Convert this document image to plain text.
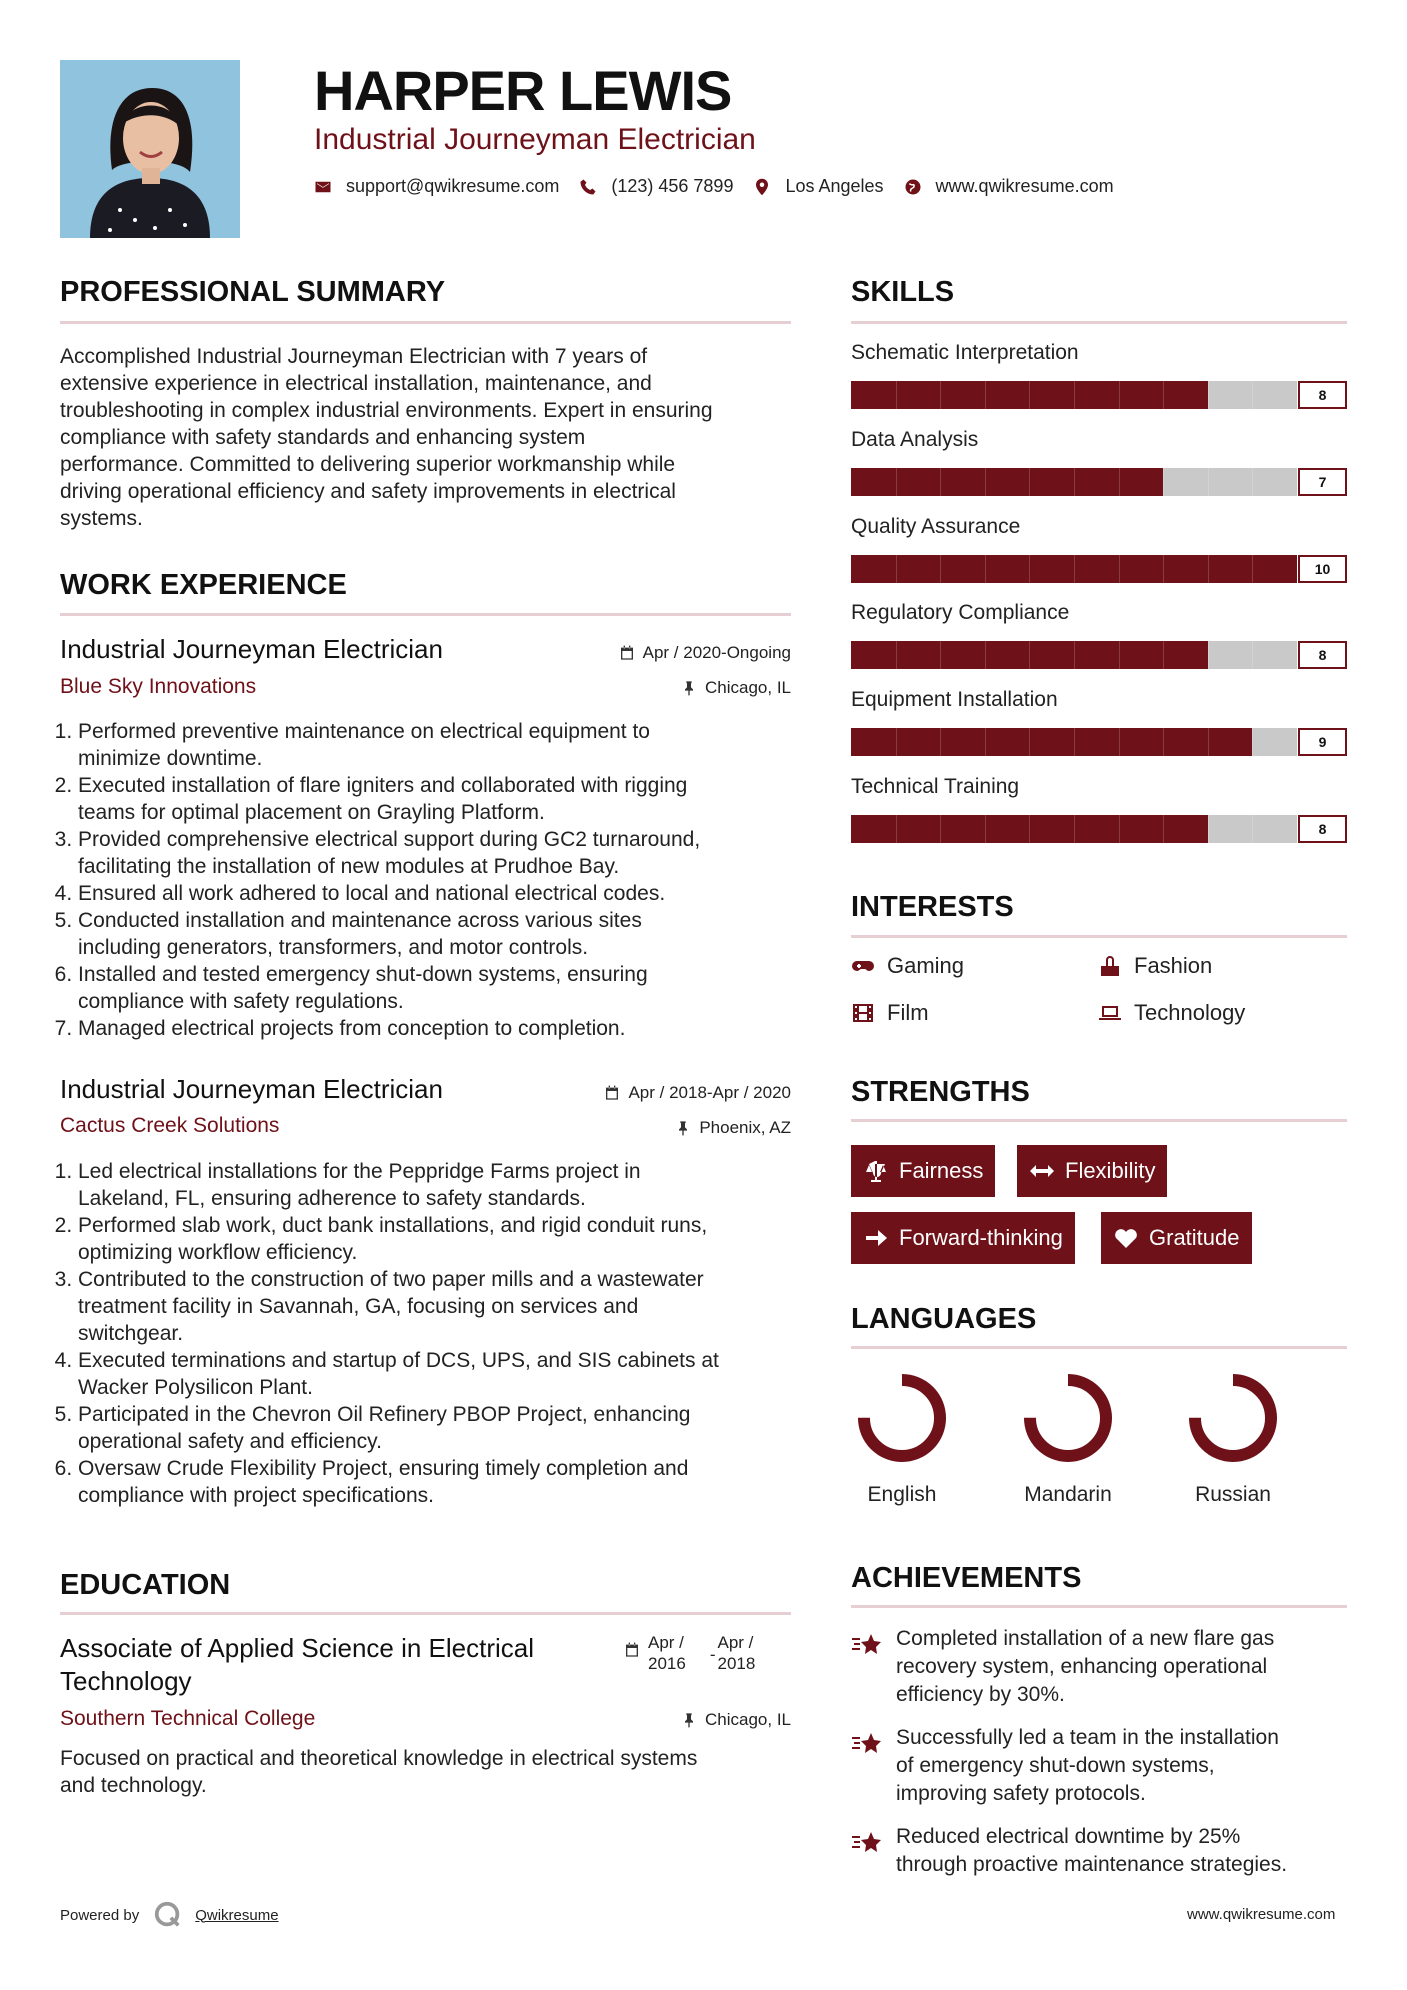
HARPER LEWIS
Industrial Journeyman Electrician
support@qwikresume.com	(123) 456 7899	Los Angeles	www.qwikresume.com
PROFESSIONAL SUMMARY
Accomplished Industrial Journeyman Electrician with 7 years of
extensive experience in electrical installation, maintenance, and
troubleshooting in complex industrial environments. Expert in ensuring
compliance with safety standards and enhancing system
performance. Committed to delivering superior workmanship while
driving operational efficiency and safety improvements in electrical
systems.
WORK EXPERIENCE
Industrial Journeyman Electrician	Apr / 2020-Ongoing
Blue Sky Innovations	Chicago, IL
1. Performed preventive maintenance on electrical equipment to
minimize downtime.
2. Executed installation of flare igniters and collaborated with rigging
teams for optimal placement on Grayling Platform.
3. Provided comprehensive electrical support during GC2 turnaround,
facilitating the installation of new modules at Prudhoe Bay.
4. Ensured all work adhered to local and national electrical codes.
5. Conducted installation and maintenance across various sites
including generators, transformers, and motor controls.
6. Installed and tested emergency shut-down systems, ensuring
compliance with safety regulations.
7. Managed electrical projects from conception to completion.
Industrial Journeyman Electrician	Apr / 2018-Apr / 2020
Cactus Creek Solutions	Phoenix, AZ
1. Led electrical installations for the Peppridge Farms project in
Lakeland, FL, ensuring adherence to safety standards.
2. Performed slab work, duct bank installations, and rigid conduit runs,
optimizing workflow efficiency.
3. Contributed to the construction of two paper mills and a wastewater
treatment facility in Savannah, GA, focusing on services and
switchgear.
4. Executed terminations and startup of DCS, UPS, and SIS cabinets at
Wacker Polysilicon Plant.
5. Participated in the Chevron Oil Refinery PBOP Project, enhancing
operational safety and efficiency.
6. Oversaw Crude Flexibility Project, ensuring timely completion and
compliance with project specifications.
EDUCATION
Associate of Applied Science in Electrical
Technology
Apr /
2016 -
Apr /
2018
Southern Technical College	Chicago, IL
Focused on practical and theoretical knowledge in electrical systems
and technology.
SKILLS
Schematic Interpretation
8
Data Analysis
7
Quality Assurance
10
Regulatory Compliance
8
Equipment Installation
9
Technical Training
8
INTERESTS
Gaming	Fashion
Film	Technology
STRENGTHS
Fairness	Flexibility
Forward-thinking	Gratitude
LANGUAGES
English	Mandarin	Russian
ACHIEVEMENTS
Completed installation of a new flare gas
recovery system, enhancing operational
efficiency by 30%.
Successfully led a team in the installation
of emergency shut-down systems,
improving safety protocols.
Reduced electrical downtime by 25%
through proactive maintenance strategies.
Powered by	Qwikresume	www.qwikresume.com
